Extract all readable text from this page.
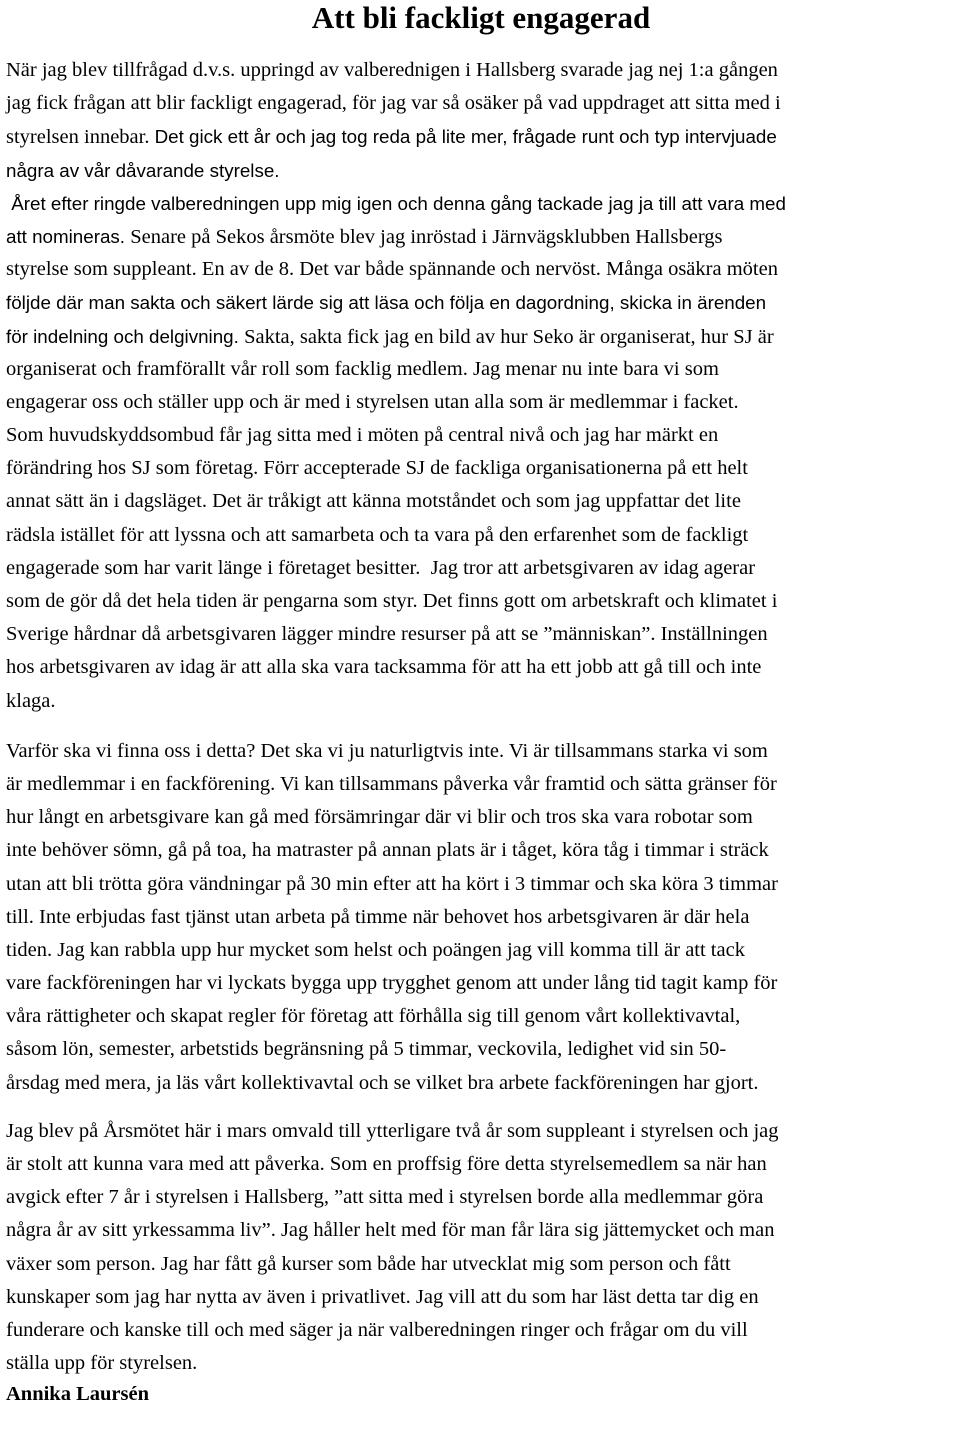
Att bli fackligt engagerad
När jag blev tillfrågad d.v.s. uppringd av valberednigen i Hallsberg svarade jag nej 1:a gången
jag fick frågan att blir fackligt engagerad, för jag var så osäker på vad uppdraget att sitta med i
styrelsen innebar. Det gick ett år och jag tog reda på lite mer, frågade runt och typ intervjuade
några av vår dåvarande styrelse.
Året efter ringde valberedningen upp mig igen och denna gång tackade jag ja till att vara med
att nomineras. Senare på Sekos årsmöte blev jag inröstad i Järnvägsklubben Hallsbergs
styrelse som suppleant. En av de 8. Det var både spännande och nervöst. Många osäkra möten
följde där man sakta och säkert lärde sig att läsa och följa en dagordning, skicka in ärenden
för indelning och delgivning. Sakta, sakta fick jag en bild av hur Seko är organiserat, hur SJ är
organiserat och framförallt vår roll som facklig medlem. Jag menar nu inte bara vi som
engagerar oss och ställer upp och är med i styrelsen utan alla som är medlemmar i facket.
Som huvudskyddsombud får jag sitta med i möten på central nivå och jag har märkt en
förändring hos SJ som företag. Förr accepterade SJ de fackliga organisationerna på ett helt
annat sätt än i dagsläget. Det är tråkigt att känna motståndet och som jag uppfattar det lite
rädsla istället för att lyssna och att samarbeta och ta vara på den erfarenhet som de fackligt
engagerade som har varit länge i företaget besitter.  Jag tror att arbetsgivaren av idag agerar
som de gör då det hela tiden är pengarna som styr. Det finns gott om arbetskraft och klimatet i
Sverige hårdnar då arbetsgivaren lägger mindre resurser på att se ”människan”. Inställningen
hos arbetsgivaren av idag är att alla ska vara tacksamma för att ha ett jobb att gå till och inte
klaga.
Varför ska vi finna oss i detta? Det ska vi ju naturligtvis inte. Vi är tillsammans starka vi som
är medlemmar i en fackförening. Vi kan tillsammans påverka vår framtid och sätta gränser för
hur långt en arbetsgivare kan gå med försämringar där vi blir och tros ska vara robotar som
inte behöver sömn, gå på toa, ha matraster på annan plats är i tåget, köra tåg i timmar i sträck
utan att bli trötta göra vändningar på 30 min efter att ha kört i 3 timmar och ska köra 3 timmar
till. Inte erbjudas fast tjänst utan arbeta på timme när behovet hos arbetsgivaren är där hela
tiden. Jag kan rabbla upp hur mycket som helst och poängen jag vill komma till är att tack
vare fackföreningen har vi lyckats bygga upp trygghet genom att under lång tid tagit kamp för
våra rättigheter och skapat regler för företag att förhålla sig till genom vårt kollektivavtal,
såsom lön, semester, arbetstids begränsning på 5 timmar, veckovila, ledighet vid sin 50-
årsdag med mera, ja läs vårt kollektivavtal och se vilket bra arbete fackföreningen har gjort.
Jag blev på Årsmötet här i mars omvald till ytterligare två år som suppleant i styrelsen och jag
är stolt att kunna vara med att påverka. Som en proffsig före detta styrelsemedlem sa när han
avgick efter 7 år i styrelsen i Hallsberg, ”att sitta med i styrelsen borde alla medlemmar göra
några år av sitt yrkessamma liv”. Jag håller helt med för man får lära sig jättemycket och man
växer som person. Jag har fått gå kurser som både har utvecklat mig som person och fått
kunskaper som jag har nytta av även i privatlivet. Jag vill att du som har läst detta tar dig en
funderare och kanske till och med säger ja när valberedningen ringer och frågar om du vill
ställa upp för styrelsen.

Annika Laursén
